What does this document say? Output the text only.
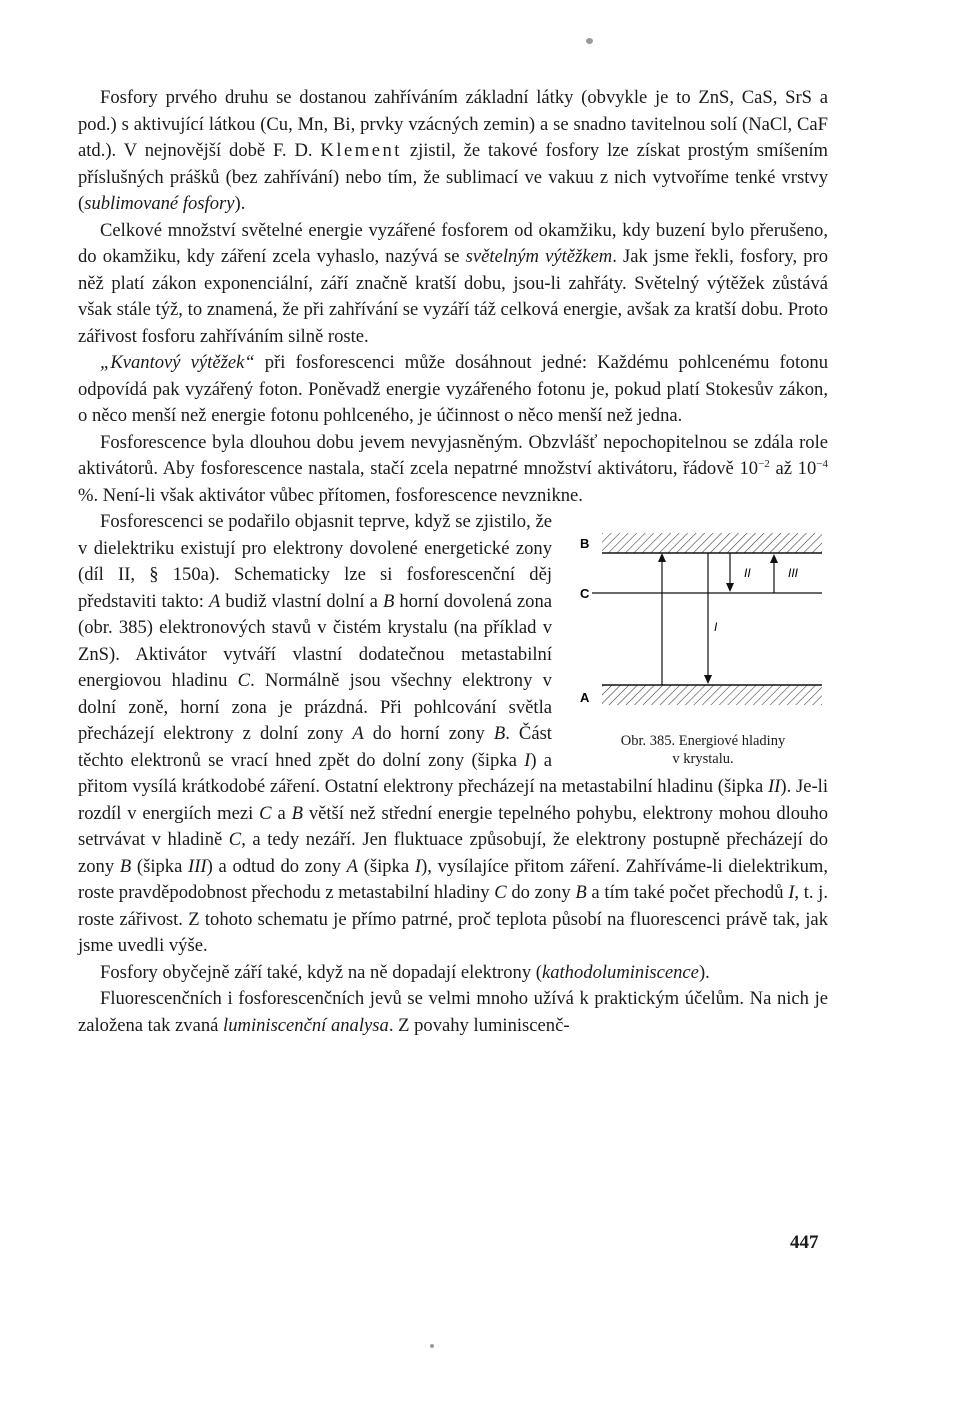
Fosfory prvého druhu se dostanou zahříváním základní látky (obvykle je to ZnS, CaS, SrS a pod.) s aktivující látkou (Cu, Mn, Bi, prvky vzácných zemin) a se snadno tavitelnou solí (NaCl, CaF atd.). V nejnovější době F. D. Klement zjistil, že takové fosfory lze získat prostým smíšením příslušných prášků (bez zahřívání) nebo tím, že sublimací ve vakuu z nich vytvoříme tenké vrstvy (sublimované fosfory).

Celkové množství světelné energie vyzářené fosforem od okamžiku, kdy buzení bylo přerušeno, do okamžiku, kdy záření zcela vyhaslo, nazývá se světelným výtěžkem. Jak jsme řekli, fosfory, pro něž platí zákon exponenciální, září značně kratší dobu, jsou-li zahřáty. Světelný výtěžek zůstává však stále týž, to znamená, že při zahřívání se vyzáří táž celková energie, avšak za kratší dobu. Proto zářivost fosforu zahříváním silně roste.

„Kvantový výtěžek“ při fosforescenci může dosáhnout jedné: Každému pohlcenému fotonu odpovídá pak vyzářený foton. Poněvadž energie vyzářeného fotonu je, pokud platí Stokesův zákon, o něco menší než energie fotonu pohlceného, je účinnost o něco menší než jedna.

Fosforescence byla dlouhou dobu jevem nevyjasněným. Obzvlášť nepochopitelnou se zdála role aktivátorů. Aby fosforescence nastala, stačí zcela nepatrné množství aktivátoru, řádově $10^{-2}$ až $10^{-4}$ %. Není-li však aktivátor vůbec přítomen, fosforescence nevznikne.

B
C
A
I
II	III
Obr. 385. Energiové hladiny
v krystalu.

Fosforescenci se podařilo objasnit teprve, když se zjistilo, že v dielektriku existují pro elektrony dovolené energetické zony (díl II, § 150a). Schematicky lze si fosforescenční děj představiti takto: A budiž vlastní dolní a B horní dovolená zona (obr. 385) elektronových stavů v čistém krystalu (na příklad v ZnS). Aktivátor vytváří vlastní dodatečnou metastabilní energiovou hladinu C. Normálně jsou všechny elektrony v dolní zoně, horní zona je prázdná. Při pohlcování světla přecházejí elektrony z dolní zony A do horní zony B. Část těchto elektronů se vrací hned zpět do dolní zony (šipka I) a přitom vysílá krátkodobé záření. Ostatní elektrony přecházejí na metastabilní hladinu (šipka II). Je-li rozdíl v energiích mezi C a B větší než střední energie tepelného pohybu, elektrony mohou dlouho setrvávat v hladině C, a tedy nezáří. Jen fluktuace způsobují, že elektrony postupně přecházejí do zony B (šipka III) a odtud do zony A (šipka I), vysílajíce přitom záření. Zahříváme-li dielektrikum, roste pravděpodobnost přechodu z metastabilní hladiny C do zony B a tím také počet přechodů I, t. j. roste zářivost. Z tohoto schematu je přímo patrné, proč teplota působí na fluorescenci právě tak, jak jsme uvedli výše.

Fosfory obyčejně září také, když na ně dopadají elektrony (kathodoluminiscence).

Fluorescenčních i fosforescenčních jevů se velmi mnoho užívá k praktickým účelům. Na nich je založena tak zvaná luminiscenční analysa. Z povahy luminiscenč-

447
